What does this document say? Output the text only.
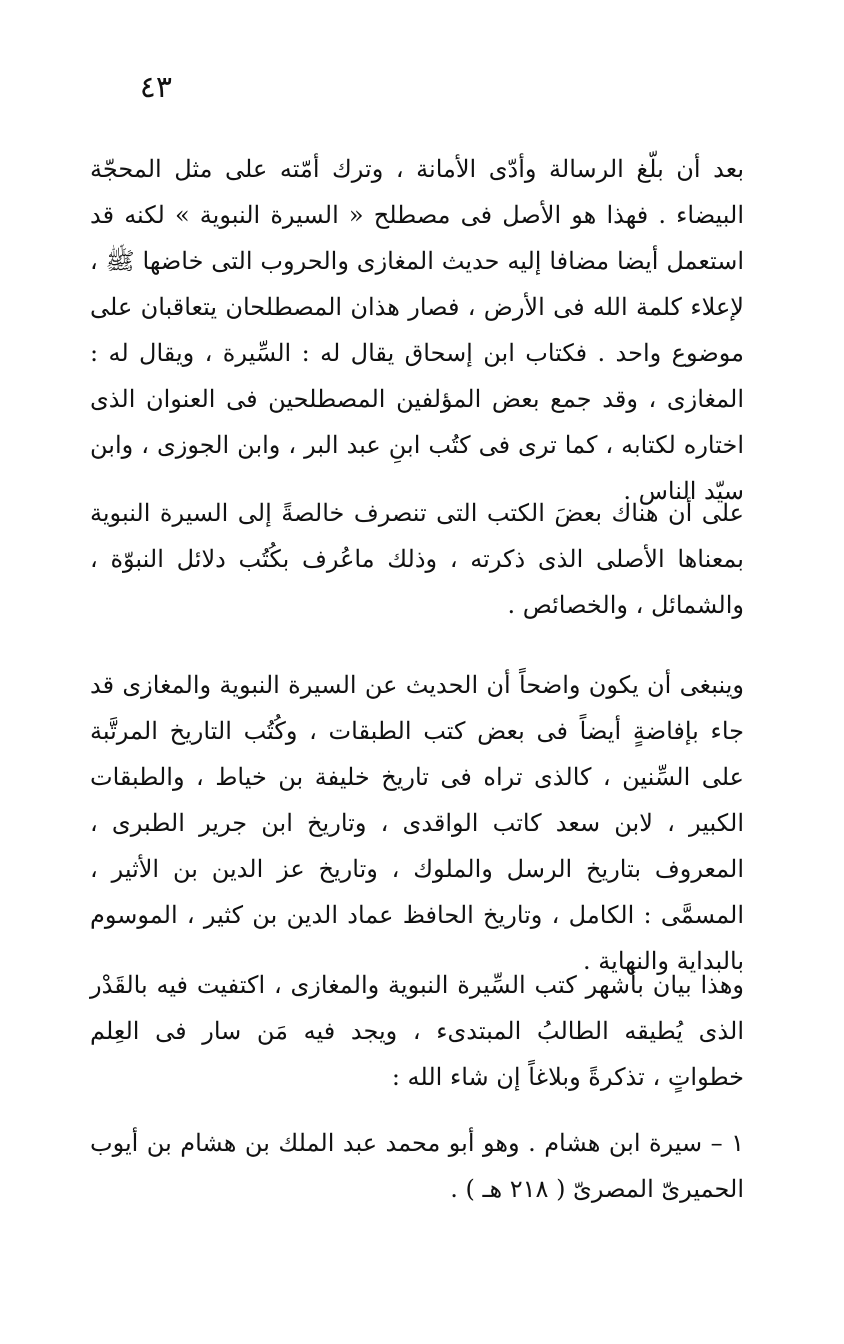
٤٣

بعد أن بلّغ الرسالة وأدّى الأمانة ، وترك أمّته على مثل المحجّة البيضاء . فهذا هو الأصل فى مصطلح « السيرة النبوية » لكنه قد استعمل أيضا مضافا إليه حديث المغازى والحروب التى خاضها ﷺ ، لإعلاء كلمة الله فى الأرض ، فصار هذان المصطلحان يتعاقبان على موضوع واحد . فكتاب ابن إسحاق يقال له : السِّيرة ، ويقال له : المغازى ، وقد جمع بعض المؤلفين المصطلحين فى العنوان الذى اختاره لكتابه ، كما ترى فى كتُب ابنِ عبد البر ، وابن الجوزى ، وابن سيّد الناس .

على أن هناك بعضَ الكتب التى تنصرف خالصةً إلى السيرة النبوية بمعناها الأصلى الذى ذكرته ، وذلك ماعُرف بكُتُب دلائل النبوّة ، والشمائل ، والخصائص .

وينبغى أن يكون واضحاً أن الحديث عن السيرة النبوية والمغازى قد جاء بإفاضةٍ أيضاً فى بعض كتب الطبقات ، وكُتُب التاريخ المرتَّبة على السِّنين ، كالذى تراه فى تاريخ خليفة بن خياط ، والطبقات الكبير ، لابن سعد كاتب الواقدى ، وتاريخ ابن جرير الطبرى ، المعروف بتاريخ الرسل والملوك ، وتاريخ عز الدين بن الأثير ، المسمَّى : الكامل ، وتاريخ الحافظ عماد الدين بن كثير ، الموسوم بالبداية والنهاية .

وهذا بيان بأشهر كتب السِّيرة النبوية والمغازى ، اكتفيت فيه بالقَدْر الذى يُطيقه الطالبُ المبتدىء ، ويجد فيه مَن سار فى العِلم خطواتٍ ، تذكرةً وبلاغاً إن شاء الله :

١ – سيرة ابن هشام . وهو أبو محمد عبد الملك بن هشام بن أيوب الحميرىّ المصرىّ ( ٢١٨ هـ ) .
